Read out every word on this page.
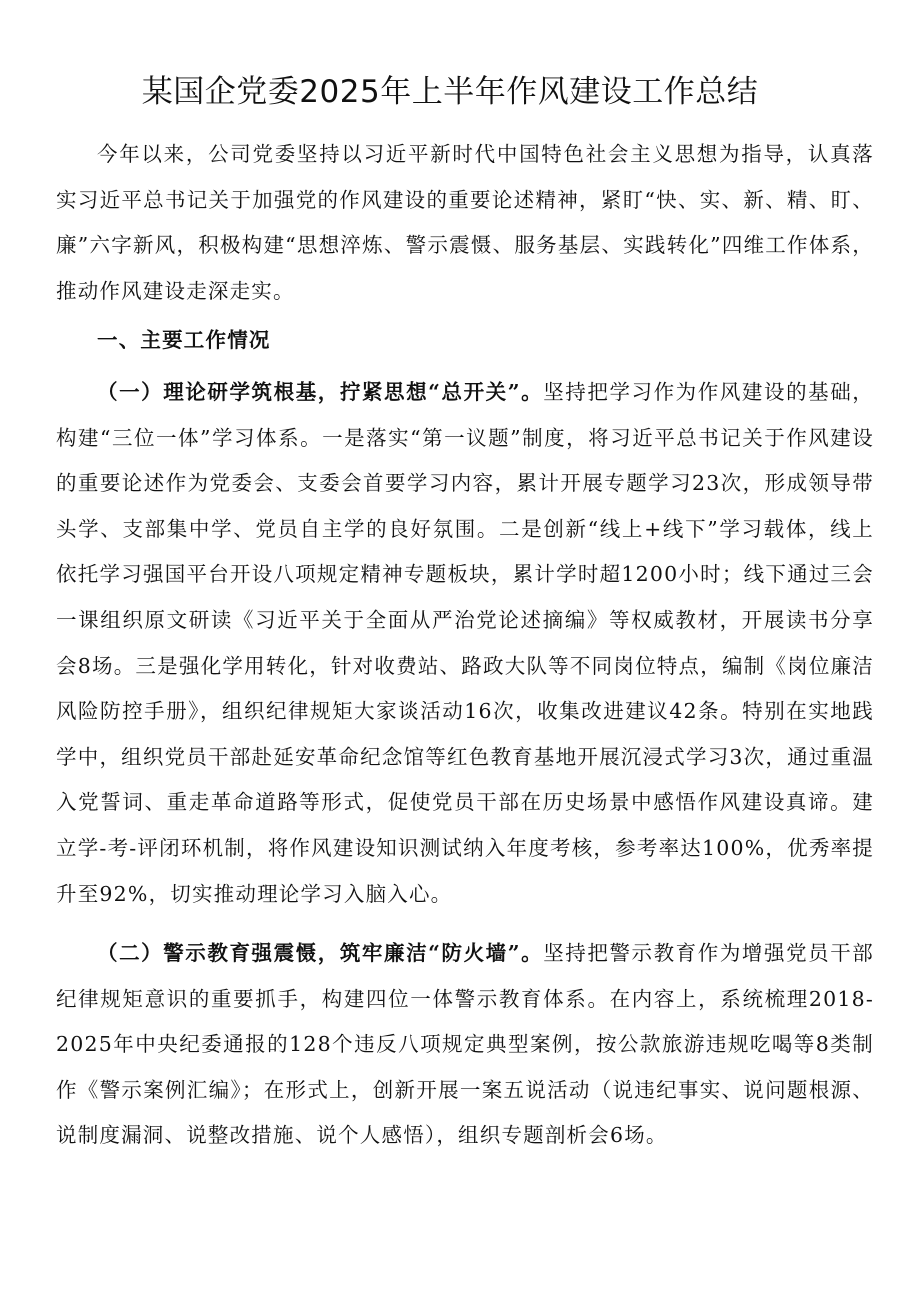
某国企党委2025年上半年作风建设工作总结

今年以来，公司党委坚持以习近平新时代中国特色社会主义思想为指导，认真落实习近平总书记关于加强党的作风建设的重要论述精神，紧盯“快、实、新、精、盯、廉”六字新风，积极构建“思想淬炼、警示震慑、服务基层、实践转化”四维工作体系，推动作风建设走深走实。

一、主要工作情况

（一）理论研学筑根基，拧紧思想“总开关”。坚持把学习作为作风建设的基础，构建“三位一体”学习体系。一是落实“第一议题”制度，将习近平总书记关于作风建设的重要论述作为党委会、支委会首要学习内容，累计开展专题学习23次，形成领导带头学、支部集中学、党员自主学的良好氛围。二是创新“线上+线下”学习载体，线上依托学习强国平台开设八项规定精神专题板块，累计学时超1200小时；线下通过三会一课组织原文研读《习近平关于全面从严治党论述摘编》等权威教材，开展读书分享会8场。三是强化学用转化，针对收费站、路政大队等不同岗位特点，编制《岗位廉洁风险防控手册》，组织纪律规矩大家谈活动16次，收集改进建议42条。特别在实地践学中，组织党员干部赴延安革命纪念馆等红色教育基地开展沉浸式学习3次，通过重温入党誓词、重走革命道路等形式，促使党员干部在历史场景中感悟作风建设真谛。建立学-考-评闭环机制，将作风建设知识测试纳入年度考核，参考率达100%，优秀率提升至92%，切实推动理论学习入脑入心。

（二）警示教育强震慑，筑牢廉洁“防火墙”。坚持把警示教育作为增强党员干部纪律规矩意识的重要抓手，构建四位一体警示教育体系。在内容上，系统梳理2018-2025年中央纪委通报的128个违反八项规定典型案例，按公款旅游违规吃喝等8类制作《警示案例汇编》；在形式上，创新开展一案五说活动（说违纪事实、说问题根源、说制度漏洞、说整改措施、说个人感悟），组织专题剖析会6场。
